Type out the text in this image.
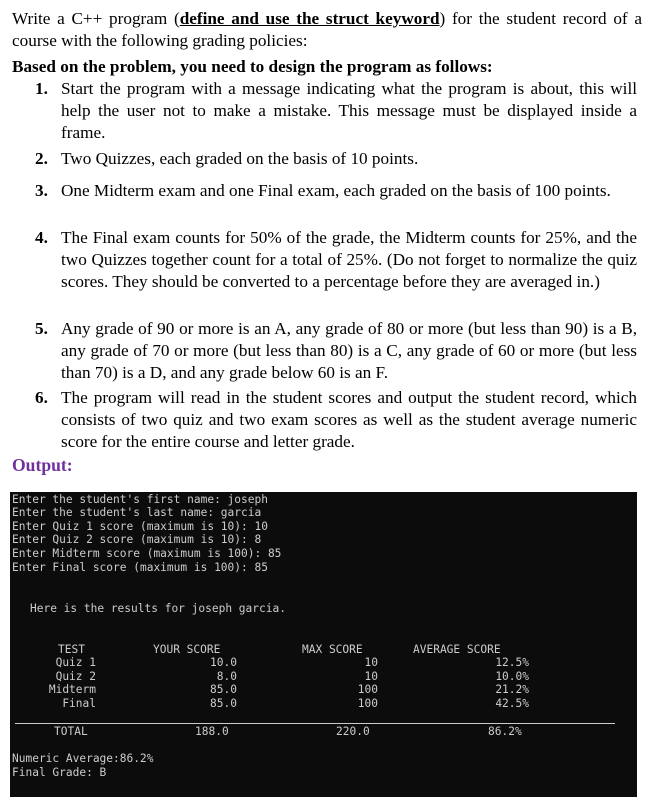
Write a C++ program (define and use the struct keyword) for the student record of a course with the following grading policies:

Based on the problem, you need to design the program as follows:

1. Start the program with a message indicating what the program is about, this will help the user not to make a mistake. This message must be displayed inside a frame.
2. Two Quizzes, each graded on the basis of 10 points.
3. One Midterm exam and one Final exam, each graded on the basis of 100 points.
4. The Final exam counts for 50% of the grade, the Midterm counts for 25%, and the two Quizzes together count for a total of 25%. (Do not forget to normalize the quiz scores. They should be converted to a percentage before they are averaged in.)
5. Any grade of 90 or more is an A, any grade of 80 or more (but less than 90) is a B, any grade of 70 or more (but less than 80) is a C, any grade of 60 or more (but less than 70) is a D, and any grade below 60 is an F.
6. The program will read in the student scores and output the student record, which consists of two quiz and two exam scores as well as the student average numeric score for the entire course and letter grade.

Output:

Enter the student's first name: joseph
Enter the student's last name: garcia
Enter Quiz 1 score (maximum is 10): 10
Enter Quiz 2 score (maximum is 10): 8
Enter Midterm score (maximum is 100): 85
Enter Final score (maximum is 100): 85
Here is the results for joseph garcia.
TEST	YOUR SCORE	MAX SCORE	AVERAGE SCORE
Quiz 1	10.0	10	12.5%
Quiz 2	8.0	10	10.0%
Midterm	85.0	100	21.2%
Final	85.0	100	42.5%
TOTAL	188.0	220.0	86.2%
Numeric Average:86.2%
Final Grade: B
